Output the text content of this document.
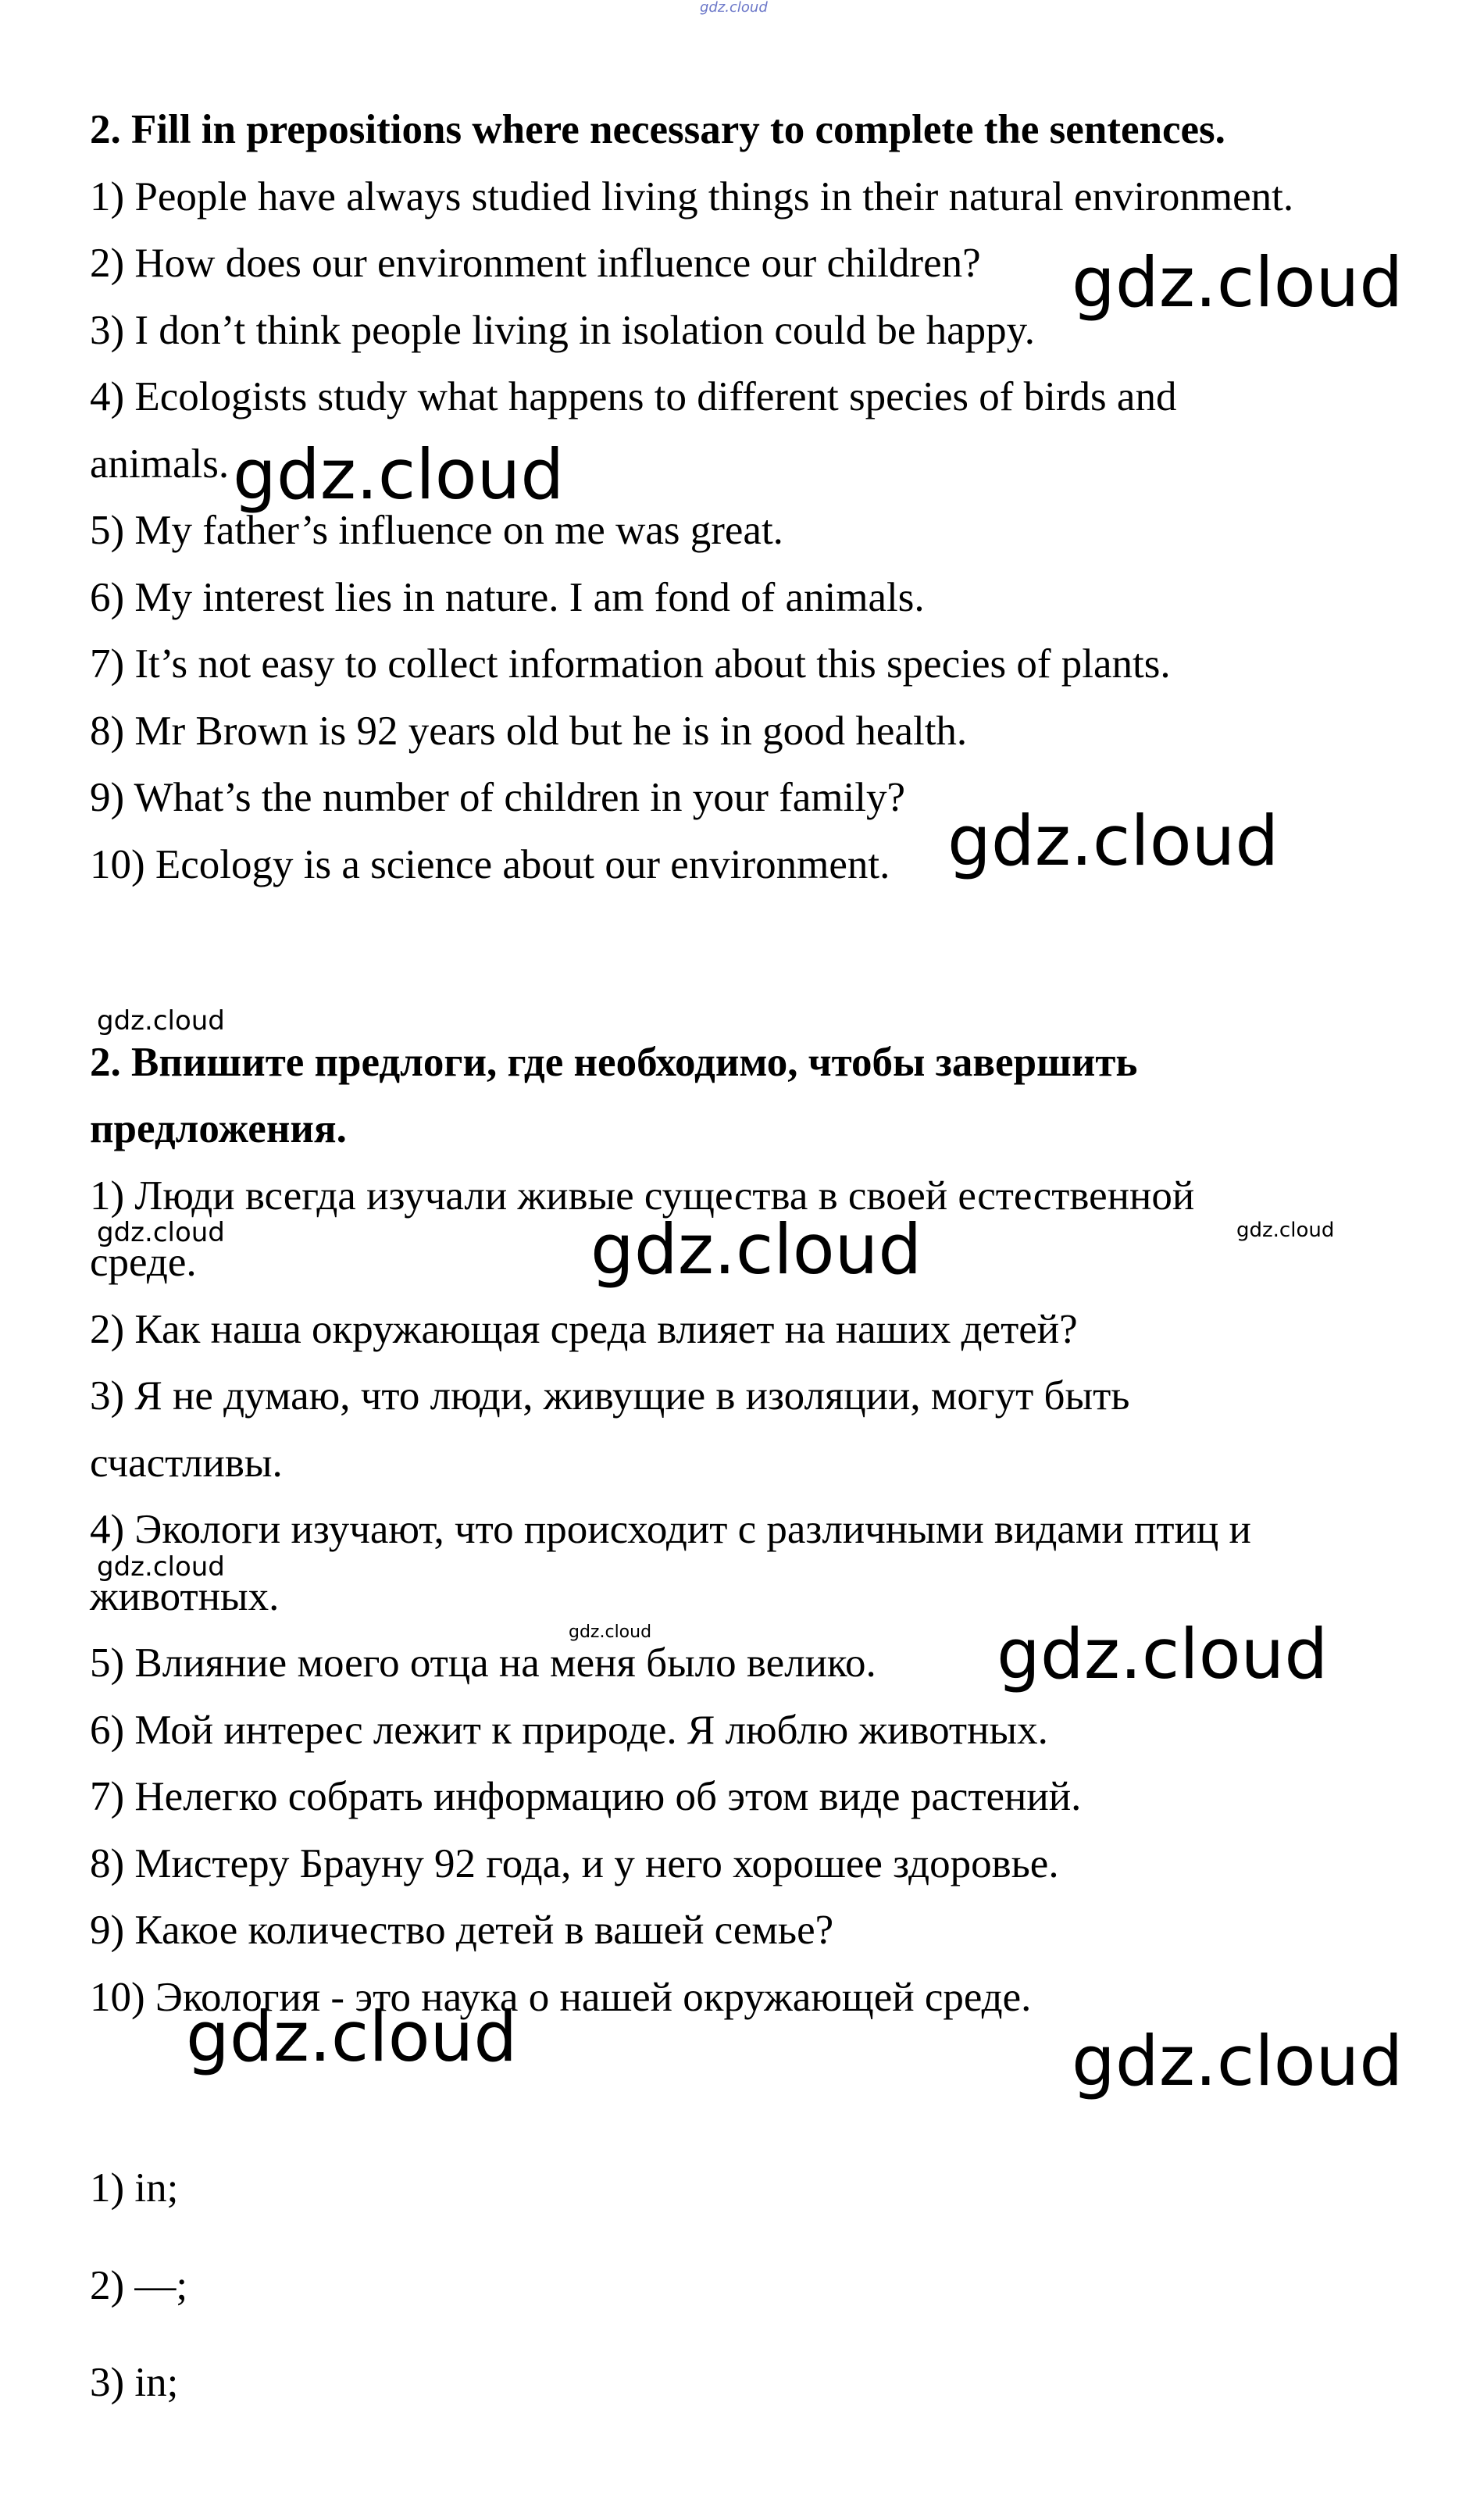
gdz.cloud
2. Fill in prepositions where necessary to complete the sentences.
1) People have always studied living things in their natural environment.
2) How does our environment influence our children?
3) I don’t think people living in isolation could be happy.
4) Ecologists study what happens to different species of birds and
animals.
5) My father’s influence on me was great.
6) My interest lies in nature. I am fond of animals.
7) It’s not easy to collect information about this species of plants.
8) Mr Brown is 92 years old but he is in good health.
9) What’s the number of children in your family?
10) Ecology is a science about our environment.
2. Впишите предлоги, где необходимо, чтобы завершить
предложения.
1) Люди всегда изучали живые существа в своей естественной
среде.
2) Как наша окружающая среда влияет на наших детей?
3) Я не думаю, что люди, живущие в изоляции, могут быть
счастливы.
4) Экологи изучают, что происходит с различными видами птиц и
животных.
5) Влияние моего отца на меня было велико.
6) Мой интерес лежит к природе. Я люблю животных.
7) Нелегко собрать информацию об этом виде растений.
8) Мистеру Брауну 92 года, и у него хорошее здоровье.
9) Какое количество детей в вашей семье?
10) Экология - это наука о нашей окружающей среде.
1) in;
2) —;
3) in;
gdz.cloud
gdz.cloud
gdz.cloud
gdz.cloud
gdz.cloud	gdz.cloud	gdz.cloud
gdz.cloud
gdz.cloud	gdz.cloud
gdz.cloud	gdz.cloud
